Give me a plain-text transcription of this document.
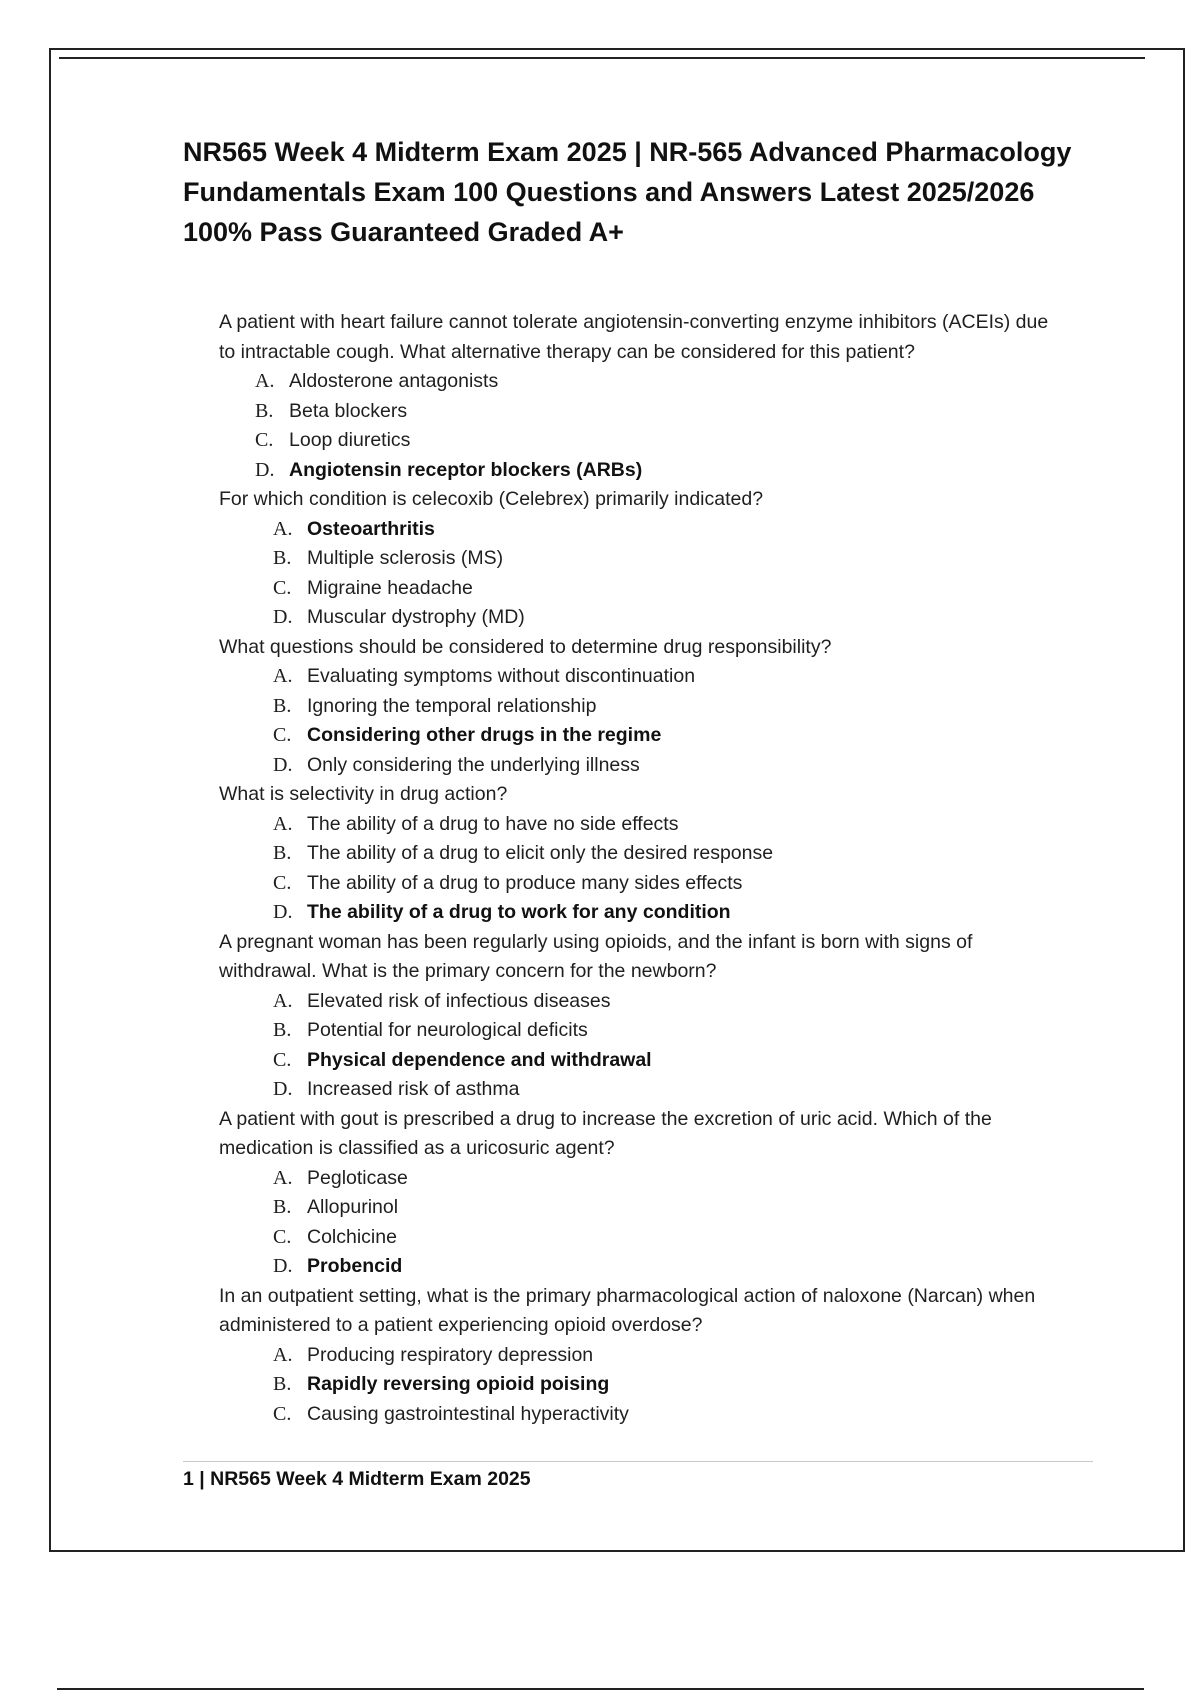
NR565 Week 4 Midterm Exam 2025 | NR-565 Advanced Pharmacology Fundamentals Exam 100 Questions and Answers Latest 2025/2026 100% Pass Guaranteed Graded A+

A patient with heart failure cannot tolerate angiotensin-converting enzyme inhibitors (ACEIs) due to intractable cough. What alternative therapy can be considered for this patient?

A. Aldosterone antagonists
B. Beta blockers
C. Loop diuretics
D. Angiotensin receptor blockers (ARBs)

For which condition is celecoxib (Celebrex) primarily indicated?

A. Osteoarthritis
B. Multiple sclerosis (MS)
C. Migraine headache
D. Muscular dystrophy (MD)

What questions should be considered to determine drug responsibility?

A. Evaluating symptoms without discontinuation
B. Ignoring the temporal relationship
C. Considering other drugs in the regime
D. Only considering the underlying illness

What is selectivity in drug action?

A. The ability of a drug to have no side effects
B. The ability of a drug to elicit only the desired response
C. The ability of a drug to produce many sides effects
D. The ability of a drug to work for any condition

A pregnant woman has been regularly using opioids, and the infant is born with signs of withdrawal. What is the primary concern for the newborn?

A. Elevated risk of infectious diseases
B. Potential for neurological deficits
C. Physical dependence and withdrawal
D. Increased risk of asthma

A patient with gout is prescribed a drug to increase the excretion of uric acid. Which of the medication is classified as a uricosuric agent?

A. Pegloticase
B. Allopurinol
C. Colchicine
D. Probencid

In an outpatient setting, what is the primary pharmacological action of naloxone (Narcan) when administered to a patient experiencing opioid overdose?

A. Producing respiratory depression
B. Rapidly reversing opioid poising
C. Causing gastrointestinal hyperactivity
1 | NR565 Week 4 Midterm Exam 2025
